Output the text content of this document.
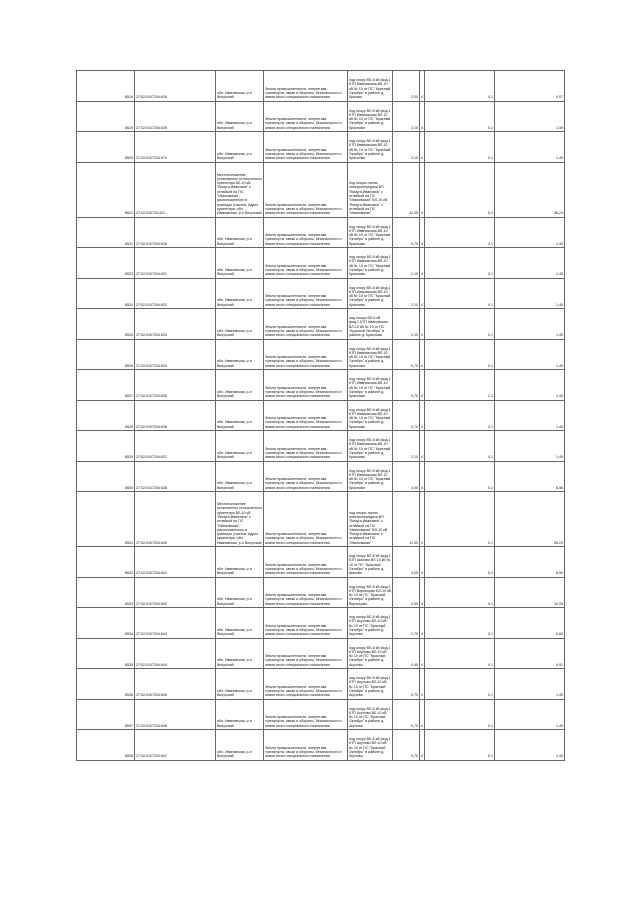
8516	27:02:0107204:626	обл. Ивановская, р-н Вичугский	Земли промышленности, энергетики, транспорта, связи и обороны, безопасности и земли иного специального назначения	под опору ВЛ-6 кВ фид.1 КТП Ивановская ВЛ-10 кВ № 10 от ПС "Красный Октябрь" в районе д. Шахово	2,00	4	0,1	0,07
8519	27:02:0107204:639	обл. Ивановская, р-н Вичугский	Земли промышленности, энергетики, транспорта, связи и обороны, безопасности и земли иного специального назначения	под опору ВЛ-6 кВ фид.1 КТП Ивановская ВЛ-10 кВ № 10 от ПС "Красный Октябрь" в районе д. Краснова	2,10	4	0,1	1,49
8520	27:02:0107204:574	обл. Ивановская, р-н Вичугский	Земли промышленности, энергетики, транспорта, связи и обороны, безопасности и земли иного специального назначения	под опору ВЛ-6 кВ фид.1 КТП Ивановская ВЛ-10 кВ № 10 от ПС "Красный Октябрь" в районе д. Краснова	2,10	4	0,1	1,49
8521	27:02:010720:431	Местоположение установлено относительно ориентира ВЛ-10 кВ "Вичуга-Ивановка" с отпайкой на ПС "Ивановская", расположенного в границах участка. Адрес ориентира: обл. Ивановская, р-н Вичугский	Земли промышленности, энергетики, транспорта, связи и обороны, безопасности и земли иного специального назначения	под опоры линии электропередачи ВЛ "Вичуга-Ивановка" с отпайкой на ПС "Ивановская" ВЛ-10 кВ "Вичуга-Ивановка" с отпайкой на ПС "Ивановская"	11,00	4	0,1	36,24
8522	27:02:0107204:628	обл. Ивановская, р-н Вичугский	Земли промышленности, энергетики, транспорта, связи и обороны, безопасности и земли иного специального назначения	под опору ВЛ-6 кВ фид.1 КТП Ивановская ВЛ-10 кВ № 10 от ПС "Красный Октябрь" в районе д. Краснова	0,70	4	2,1	1,49
8523	27:02:0107204:631	обл. Ивановская, р-н Вичугский	Земли промышленности, энергетики, транспорта, связи и обороны, безопасности и земли иного специального назначения	под опору ВЛ-6 кВ фид.1 КТП Ивановская ВЛ-10 кВ № 10 от ПС "Красный Октябрь" в районе д. Краснова	2,10	4	0,1	1,49
8524	27:02:0107204:632	обл. Ивановская, р-н Вичугский	Земли промышленности, энергетики, транспорта, связи и обороны, безопасности и земли иного специального назначения	под опору ВЛ-6 кВ фид.1 КТП Ивановская ВЛ-10 кВ № 10 от ПС "Красный Октябрь" в районе д. Краснова	2,10	4	0,1	1,49
8525	27:02:0107204:633	обл. Ивановская, р-н Вичугский	Земли промышленности, энергетики, транспорта, связи и обороны, безопасности и земли иного специального назначения	под опоры ВЛ-6 кВ фид.1 КТП Ивановская ВЛ-10 кВ № 10 от ПС "Красный Октябрь" в районе д. Краснова	2,10	4	0,1	1,49
8526	27:02:0107204:634	обл. Ивановская, р-н Вичугский	Земли промышленности, энергетики, транспорта, связи и обороны, безопасности и земли иного специального назначения	под опору ВЛ-6 кВ фид.1 КТП Ивановская ВЛ-10 кВ № 10 от ПС "Красный Октябрь" в районе д. Краснова	0,70	4	0,1	1,49
8527	27:02:0107204:635	обл. Ивановская, р-н Вичугский	Земли промышленности, энергетики, транспорта, связи и обороны, безопасности и земли иного специального назначения	под опору ВЛ-6 кВ фид.1 КТП Ивановская ВЛ-10 кВ № 10 от ПС "Красный Октябрь" в районе д. Краснова	0,70	4	2,1	1,49
8528	27:02:0107204:636	обл. Ивановская, р-н Вичугский	Земли промышленности, энергетики, транспорта, связи и обороны, безопасности и земли иного специального назначения	под опору ВЛ-6 кВ фид.1 КТП Ивановская ВЛ-10 кВ № 10 от ПС "Красный Октябрь" в районе д. Краснова	0,70	4	2,1	1,49
8529	27:02:0107204:637	обл. Ивановская, р-н Вичугский	Земли промышленности, энергетики, транспорта, связи и обороны, безопасности и земли иного специального назначения	под опору ВЛ-6 кВ фид.1 КТП Ивановская ВЛ-10 кВ № 10 от ПС "Красный Октябрь" в районе д. Краснова	2,10	4	0,1	1,49
8530	27:02:0107204:638	обл. Ивановская, р-н Вичугский	Земли промышленности, энергетики, транспорта, связи и обороны, безопасности и земли иного специального назначения	под опору ВЛ-6 кВ фид.1 КТП Ивановская ВЛ-10 кВ № 10 от ПС "Красный Октябрь" в районе д. Краснова	4,00	4	0,1	8,56
8531	27:02:0107204:640	Местоположение установлено относительно ориентира ВЛ-10 кВ "Вичуга-Ивановка" с отпайкой на ПС "Ивановская", расположенного в границах участка. Адрес ориентира: обл. Ивановская, р-н Вичугский	Земли промышленности, энергетики, транспорта, связи и обороны, безопасности и земли иного специального назначения	под опоры линии электропередачи ВЛ "Вичуга-Ивановка" с отпайкой на ПС "Ивановская" ВЛ-10 кВ "Вичуга-Ивановка" с отпайкой на ПС "Ивановская"	11,00	4	0,1	36,24
8532	27:02:0107204:641	обл. Ивановская, р-н Вичугский	Земли промышленности, энергетики, транспорта, связи и обороны, безопасности и земли иного специального назначения	под опору ВЛ-6 кВ фид.1 КТП Шахово ВЛ-10 кВ № 10 от ПС "Красный Октябрь" в районе д. Шахово	4,00	4	0,1	8,50
8533	27:02:0107204:642	обл. Ивановская, р-н Вичугский	Земли промышленности, энергетики, транспорта, связи и обороны, безопасности и земли иного специального назначения	под опору ВЛ-6 кВ фид.1 КТП Воронцово ВЛ-10 кВ № 10 от ПС "Красный Октябрь" в районе д. Воронцово	2,00	4	0,1	10,05
8534	27:02:0107204:643	обл. Ивановская, р-н Вичугский	Земли промышленности, энергетики, транспорта, связи и обороны, безопасности и земли иного специального назначения	под опору ВЛ-6 кВ фид.1 КТП Акулово ВЛ-10 кВ № 10 от ПС "Красный Октябрь" в районе д. Акулово	2,70	4	0,1	5,69
8535	27:02:0107204:644	обл. Ивановская, р-н Вичугский	Земли промышленности, энергетики, транспорта, связи и обороны, безопасности и земли иного специального назначения	под опору ВЛ-6 кВ фид.1 КТП Акулово ВЛ-10 кВ № 10 от ПС "Красный Октябрь" в районе д. Акулово	0,45	4	0,1	0,91
8536	27:02:0107204:645	обл. Ивановская, р-н Вичугский	Земли промышленности, энергетики, транспорта, связи и обороны, безопасности и земли иного специального назначения	под опору ВЛ-6 кВ фид.1 КТП Акулово ВЛ-10 кВ № 10 от ПС "Красный Октябрь" в районе д. Акулово	0,70	4	0,1	1,49
8537	27:02:0107204:646	обл. Ивановская, р-н Вичугский	Земли промышленности, энергетики, транспорта, связи и обороны, безопасности и земли иного специального назначения	под опору ВЛ-6 кВ фид.1 КТП Акулово ВЛ-10 кВ № 10 от ПС "Красный Октябрь" в районе д. Акулово	0,70	4	0,1	1,49
8538	27:02:0107204:647	обл. Ивановская, р-н Вичугский	Земли промышленности, энергетики, транспорта, связи и обороны, безопасности и земли иного специального назначения	под опору ВЛ-6 кВ фид.1 КТП Акулово ВЛ-10 кВ № 10 от ПС "Красный Октябрь" в районе д. Акулово	0,70	4	0,1	1,49
